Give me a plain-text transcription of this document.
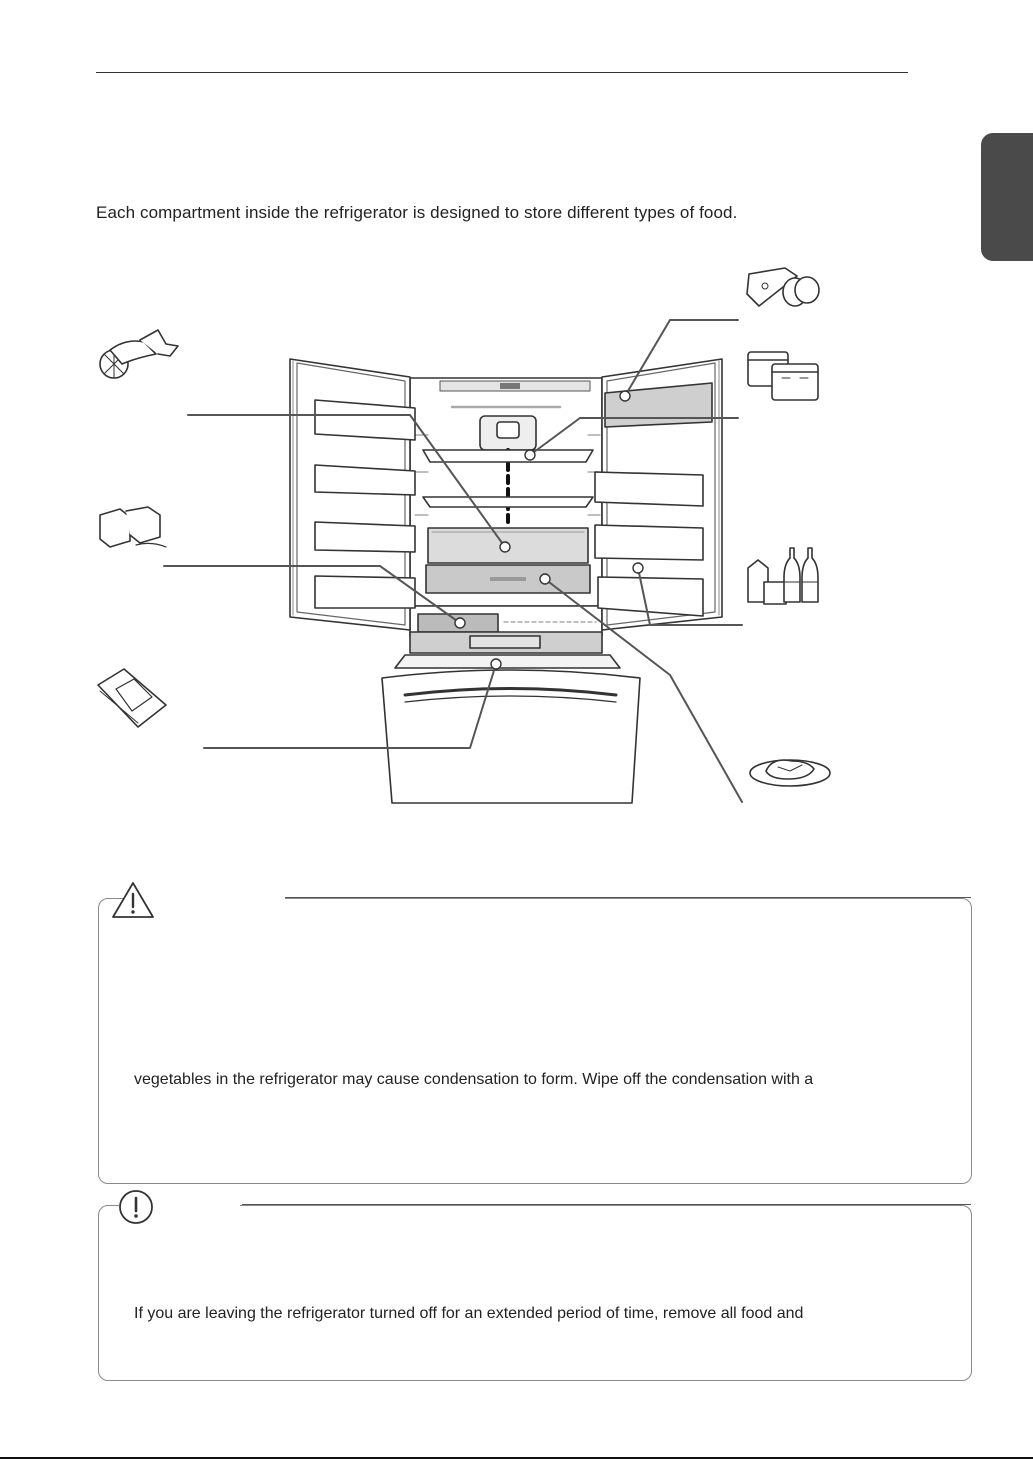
Each compartment inside the refrigerator is designed to store different types of food.

vegetables in the refrigerator may cause condensation to form. Wipe off the condensation with a

If you are leaving the refrigerator turned off for an extended period of time, remove all food and
